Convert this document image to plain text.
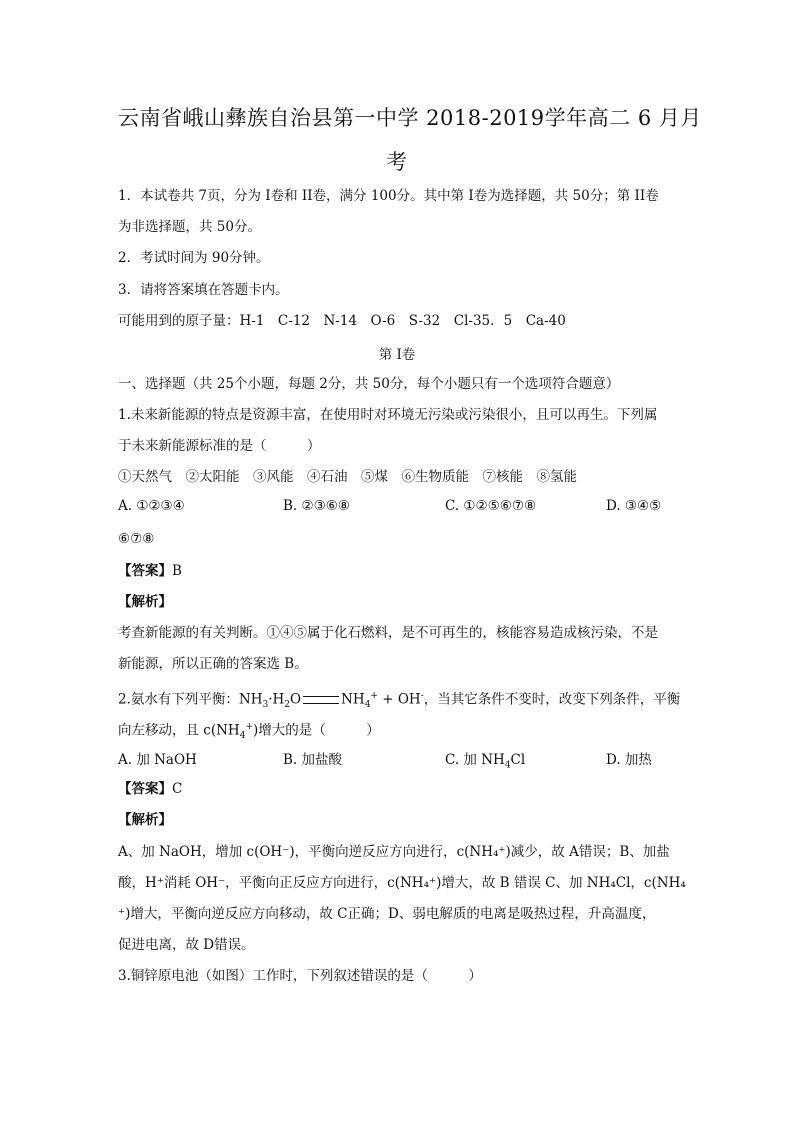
云南省峨山彝族自治县第一中学 2018-2019学年高二 6 月月
考
1．本试卷共 7页，分为 I卷和 II卷，满分 100分。其中第 I卷为选择题，共 50分；第 II卷
为非选择题，共 50分。
2．考试时间为 90分钟。
3．请将答案填在答题卡内。
可能用到的原子量：H-1　C-12　N-14　O-6　S-32　Cl-35．5　Ca-40
第 I卷
一、选择题（共 25个小题，每题 2分，共 50分，每个小题只有一个选项符合题意）
1.未来新能源的特点是资源丰富，在使用时对环境无污染或污染很小，且可以再生。下列属
于未来新能源标准的是（　　　）
①天然气　②太阳能　③风能　④石油　⑤煤　⑥生物质能　⑦核能　⑧氢能
A. ①②③④	B. ②③⑥⑧	C. ①②⑤⑥⑦⑧	D. ③④⑤
⑥⑦⑧
【答案】B
【解析】
考查新能源的有关判断。①④⑤属于化石燃料，是不可再生的，核能容易造成核污染，不是
新能源，所以正确的答案选 B。
2.氨水有下列平衡：$NH_3\cdot H_2O$	$NH_4^+ + OH^-$，当其它条件不变时，改变下列条件，平衡
向左移动，且 $c(NH_4^+)$增大的是（　　　）
A. 加 NaOH	B. 加盐酸	C. 加 $NH_4Cl$	D. 加热
【答案】C
【解析】
A、加 NaOH，增加 c(OH⁻)，平衡向逆反应方向进行，c(NH₄⁺)减少，故 A错误；B、加盐
酸，H⁺消耗 OH⁻，平衡向正反应方向进行，c(NH₄⁺)增大，故 B 错误 C、加 NH₄Cl，c(NH₄
⁺)增大，平衡向逆反应方向移动，故 C正确；D、弱电解质的电离是吸热过程，升高温度，
促进电离，故 D错误。
3.铜锌原电池（如图）工作时，下列叙述错误的是（　　　）
